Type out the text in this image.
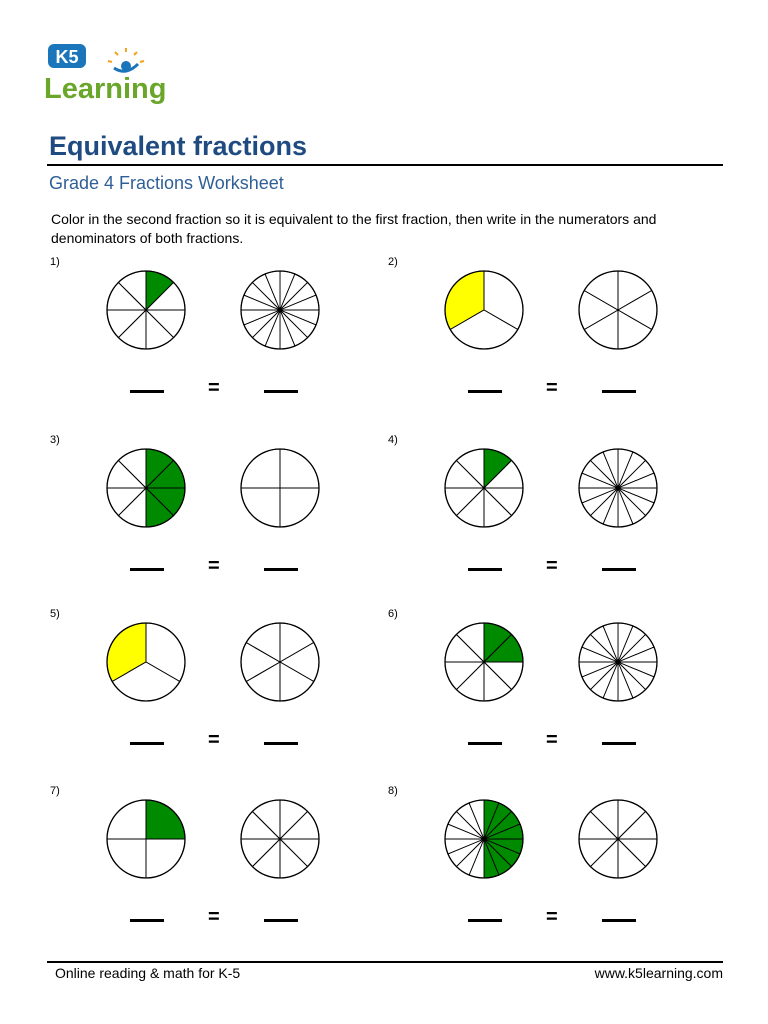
K5
Learning
Equivalent fractions
Grade 4 Fractions Worksheet

Color in the second fraction so it is equivalent to the first fraction, then write in the numerators and denominators of both fractions.

1)
=
2)
=
3)
=
4)
=
5)
=
6)
=
7)
=
8)
=
Online reading & math for K-5	www.k5learning.com
